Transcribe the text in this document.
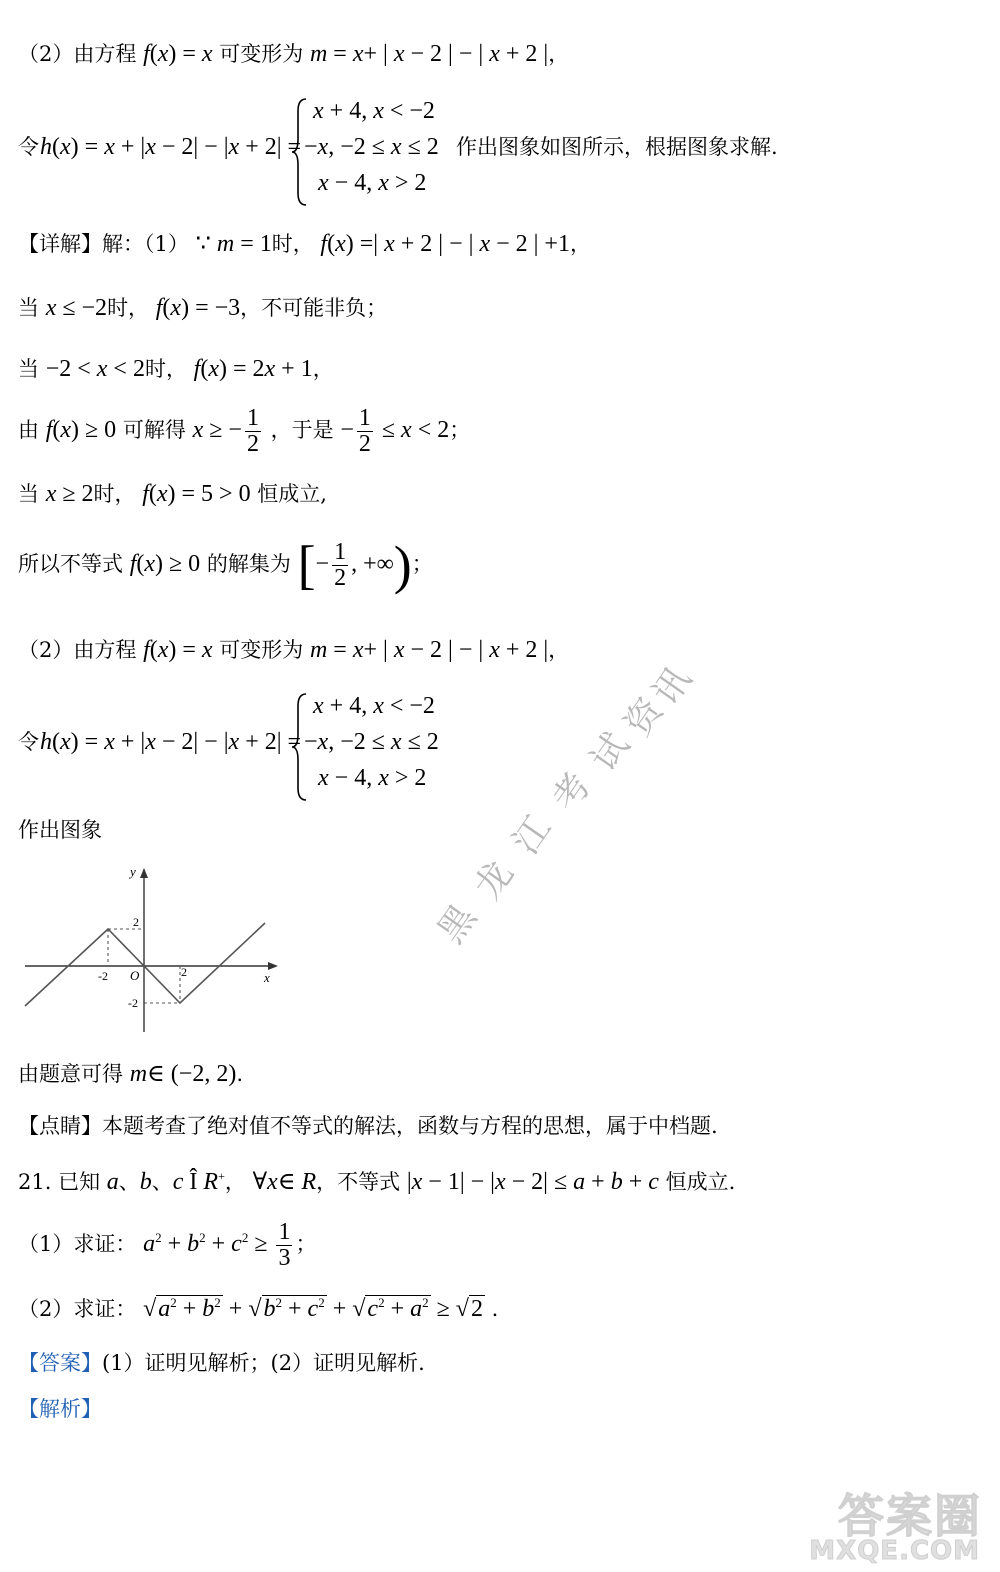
（2）由方程 f(x) = x 可变形为 m = x+ | x − 2 | − | x + 2 |，
令 h(x) = x + |x − 2| − |x + 2| =
x + 4, x < −2
−x, −2 ≤ x ≤ 2
x − 4, x > 2
作出图象如图所示，根据图象求解.
【详解】解：（1） ∵ m = 1时， f(x) =| x + 2 | − | x − 2 | +1，
当 x ≤ −2时， f(x) = −3，不可能非负；
当 −2 < x < 2时， f(x) = 2x + 1，
由 f(x) ≥ 0 可解得 x ≥ − $\frac{1}{2}$ ，于是 − $\frac{1}{2} \le x < 2$；
当 x ≥ 2时， f(x) = 5 > 0 恒成立,
所以不等式 f(x) ≥ 0 的解集为 [− $\frac{1}{2}$ , +∞)；
（2）由方程 f(x) = x 可变形为 m = x+ | x − 2 | − | x + 2 |，
令 h(x) = x + |x − 2| − |x + 2| =
x + 4, x < −2
−x, −2 ≤ x ≤ 2
x − 4, x > 2
作出图象
y
x
O
2
-2
-2	2
由题意可得 m∈ (−2, 2).
【点睛】本题考查了绝对值不等式的解法，函数与方程的思想，属于中档题.
21. 已知 a、b、c Î R+， ∀x∈ R，不等式 |x − 1| − |x − 2| ≤ a + b + c 恒成立.
（1）求证： $a^2 + b^2 + c^2 \ge \frac{1}{3}$ ；
（2）求证： $√a^2 + b^2 + √b^2 + c^2 + √c^2 + a^2 \ge √2$ .
【答案】(1）证明见解析；(2）证明见解析.
【解析】
黑
龙
江
考
试
资
讯
答案圈
MXQE.COM
